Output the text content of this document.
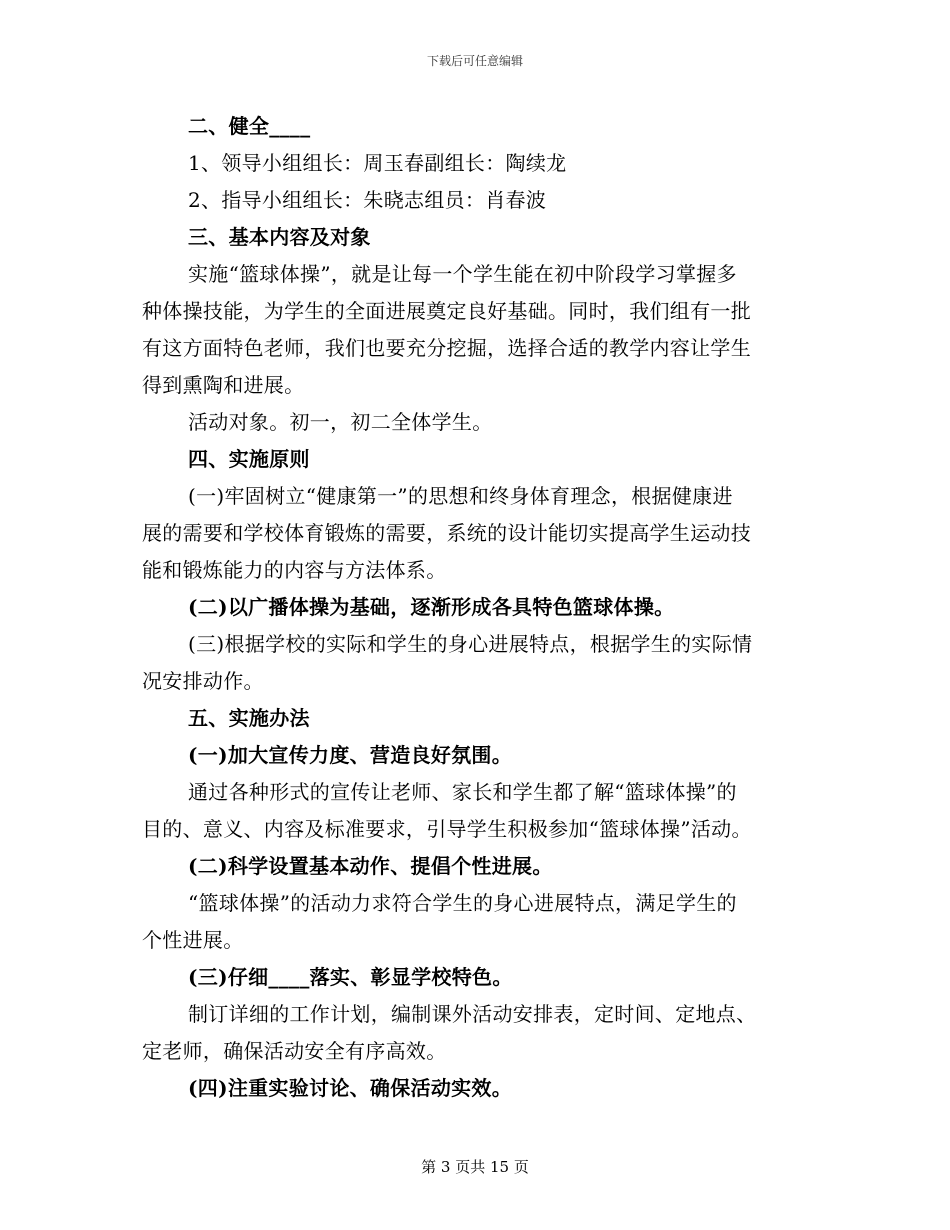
下载后可任意编辑
二、健全____
1、领导小组组长：周玉春副组长：陶续龙
2、指导小组组长：朱晓志组员：肖春波
三、基本内容及对象
实施“篮球体操”，就是让每一个学生能在初中阶段学习掌握多
种体操技能，为学生的全面进展奠定良好基础。同时，我们组有一批
有这方面特色老师，我们也要充分挖掘，选择合适的教学内容让学生
得到熏陶和进展。
活动对象。初一，初二全体学生。
四、实施原则
(一)牢固树立“健康第一”的思想和终身体育理念，根据健康进
展的需要和学校体育锻炼的需要，系统的设计能切实提高学生运动技
能和锻炼能力的内容与方法体系。
(二)以广播体操为基础，逐渐形成各具特色篮球体操。
(三)根据学校的实际和学生的身心进展特点，根据学生的实际情
况安排动作。
五、实施办法
(一)加大宣传力度、营造良好氛围。
通过各种形式的宣传让老师、家长和学生都了解“篮球体操”的
目的、意义、内容及标准要求，引导学生积极参加“篮球体操”活动。
(二)科学设置基本动作、提倡个性进展。
“篮球体操”的活动力求符合学生的身心进展特点，满足学生的
个性进展。
(三)仔细____落实、彰显学校特色。
制订详细的工作计划，编制课外活动安排表，定时间、定地点、
定老师，确保活动安全有序高效。
(四)注重实验讨论、确保活动实效。
第 3 页共 15 页
